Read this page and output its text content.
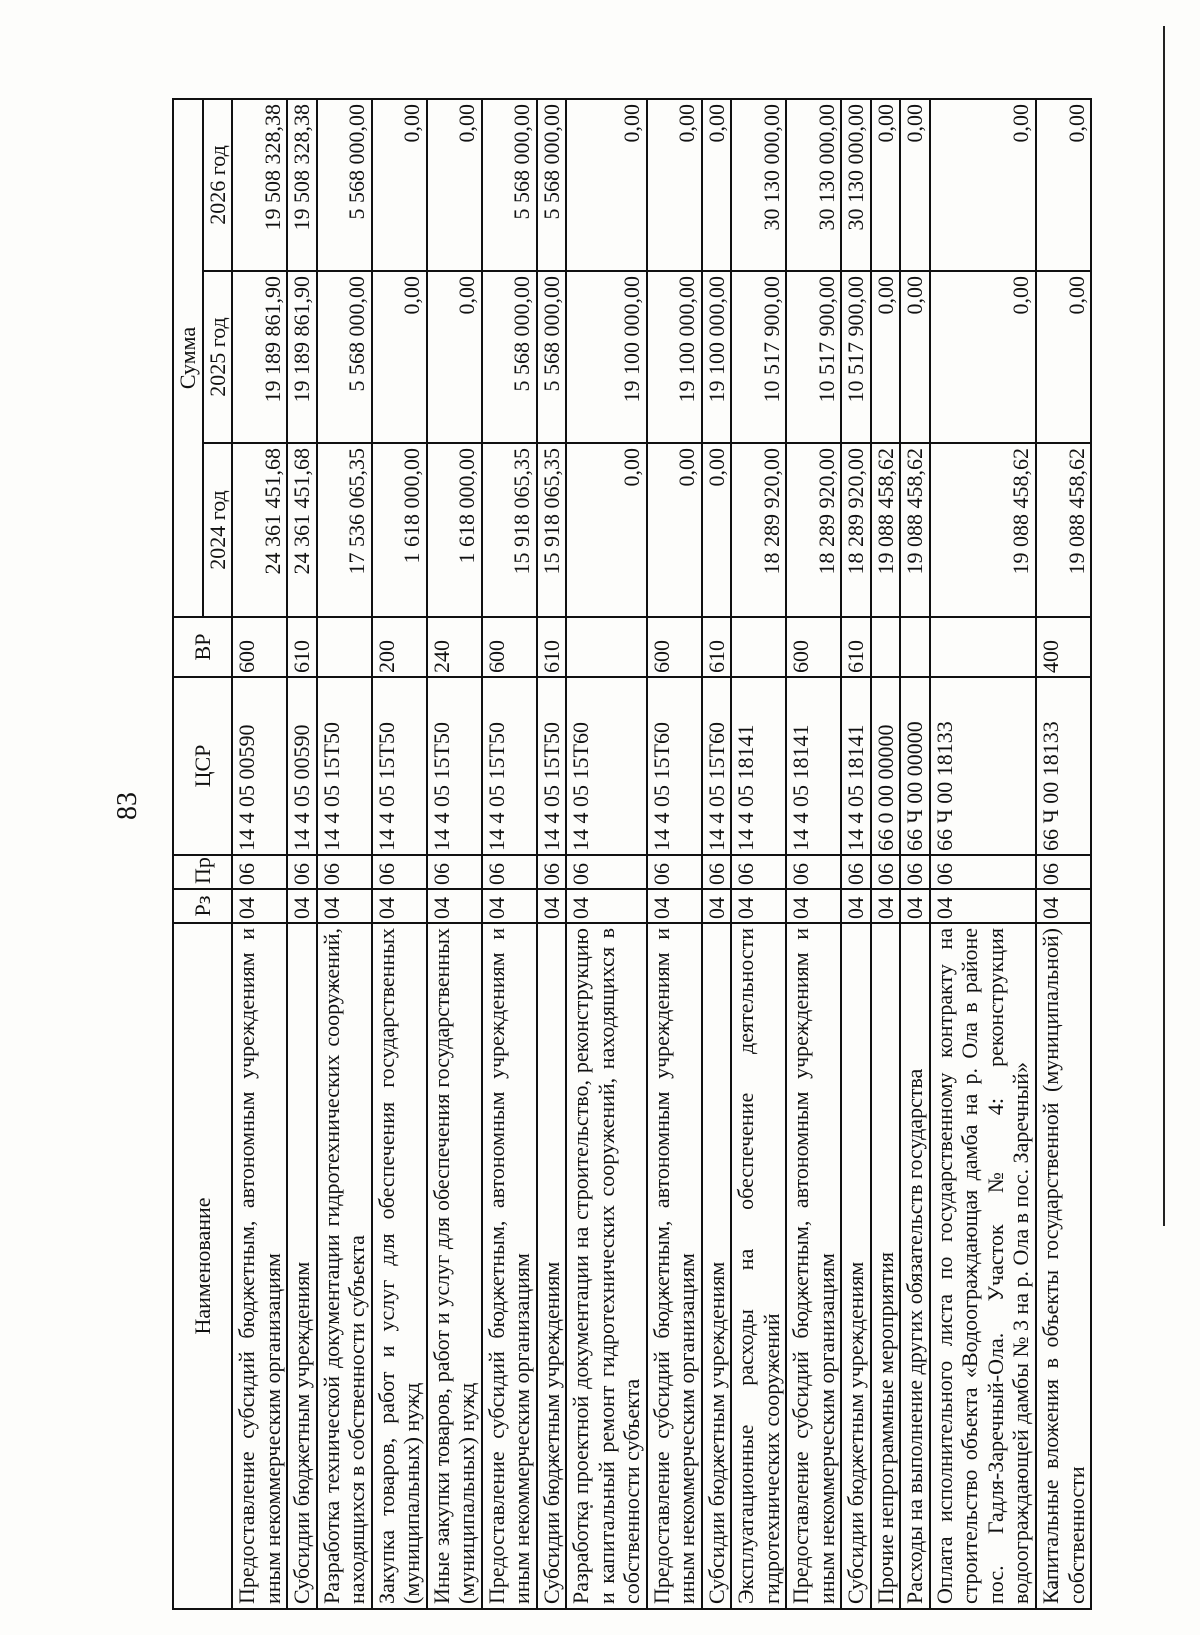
83
Наименование	Рз	Пр	ЦСР	ВР	Сумма		
					2024 год	2025 год	2026 год
Предоставление субсидий бюджетным, автономным учреждениям и иным некоммерческим организациям	04	06	14 4 05 00590	600	24 361 451,68	19 189 861,90	19 508 328,38
Субсидии бюджетным учреждениям	04	06	14 4 05 00590	610	24 361 451,68	19 189 861,90	19 508 328,38
Разработка технической документации гидротехнических сооружений, находящихся в собственности субъекта	04	06	14 4 05 15Т50		17 536 065,35	5 568 000,00	5 568 000,00
Закупка товаров, работ и услуг для обеспечения государственных (муниципальных) нужд	04	06	14 4 05 15Т50	200	1 618 000,00	0,00	0,00
Иные закупки товаров, работ и услуг для обеспечения государственных (муниципальных) нужд	04	06	14 4 05 15Т50	240	1 618 000,00	0,00	0,00
Предоставление субсидий бюджетным, автономным учреждениям и иным некоммерческим организациям	04	06	14 4 05 15Т50	600	15 918 065,35	5 568 000,00	5 568 000,00
Субсидии бюджетным учреждениям	04	06	14 4 05 15Т50	610	15 918 065,35	5 568 000,00	5 568 000,00
Разработка проектной документации на строительство, реконструкцию и капитальный ремонт гидротехнических сооружений, находящихся в собственности субъекта	04	06	14 4 05 15Т60		0,00	19 100 000,00	0,00
Предоставление субсидий бюджетным, автономным учреждениям и иным некоммерческим организациям	04	06	14 4 05 15Т60	600	0,00	19 100 000,00	0,00
Субсидии бюджетным учреждениям	04	06	14 4 05 15Т60	610	0,00	19 100 000,00	0,00
Эксплуатационные расходы на обеспечение деятельности гидротехнических сооружений	04	06	14 4 05 18141		18 289 920,00	10 517 900,00	30 130 000,00
Предоставление субсидий бюджетным, автономным учреждениям и иным некоммерческим организациям	04	06	14 4 05 18141	600	18 289 920,00	10 517 900,00	30 130 000,00
Субсидии бюджетным учреждениям	04	06	14 4 05 18141	610	18 289 920,00	10 517 900,00	30 130 000,00
Прочие непрограммные мероприятия	04	06	66 0 00 00000		19 088 458,62	0,00	0,00
Расходы на выполнение других обязательств государства	04	06	66 Ч 00 00000		19 088 458,62	0,00	0,00
Оплата исполнительного листа по государственному контракту на строительство объекта «Водоограждающая дамба на р. Ола в районе пос. Гадля-Заречный-Ола. Участок № 4: реконструкция водоограждающей дамбы № 3 на р. Ола в пос. Заречный»	04	06	66 Ч 00 18133		19 088 458,62	0,00	0,00
Капитальные вложения в объекты государственной (муниципальной) собственности	04	06	66 Ч 00 18133	400	19 088 458,62	0,00	0,00
